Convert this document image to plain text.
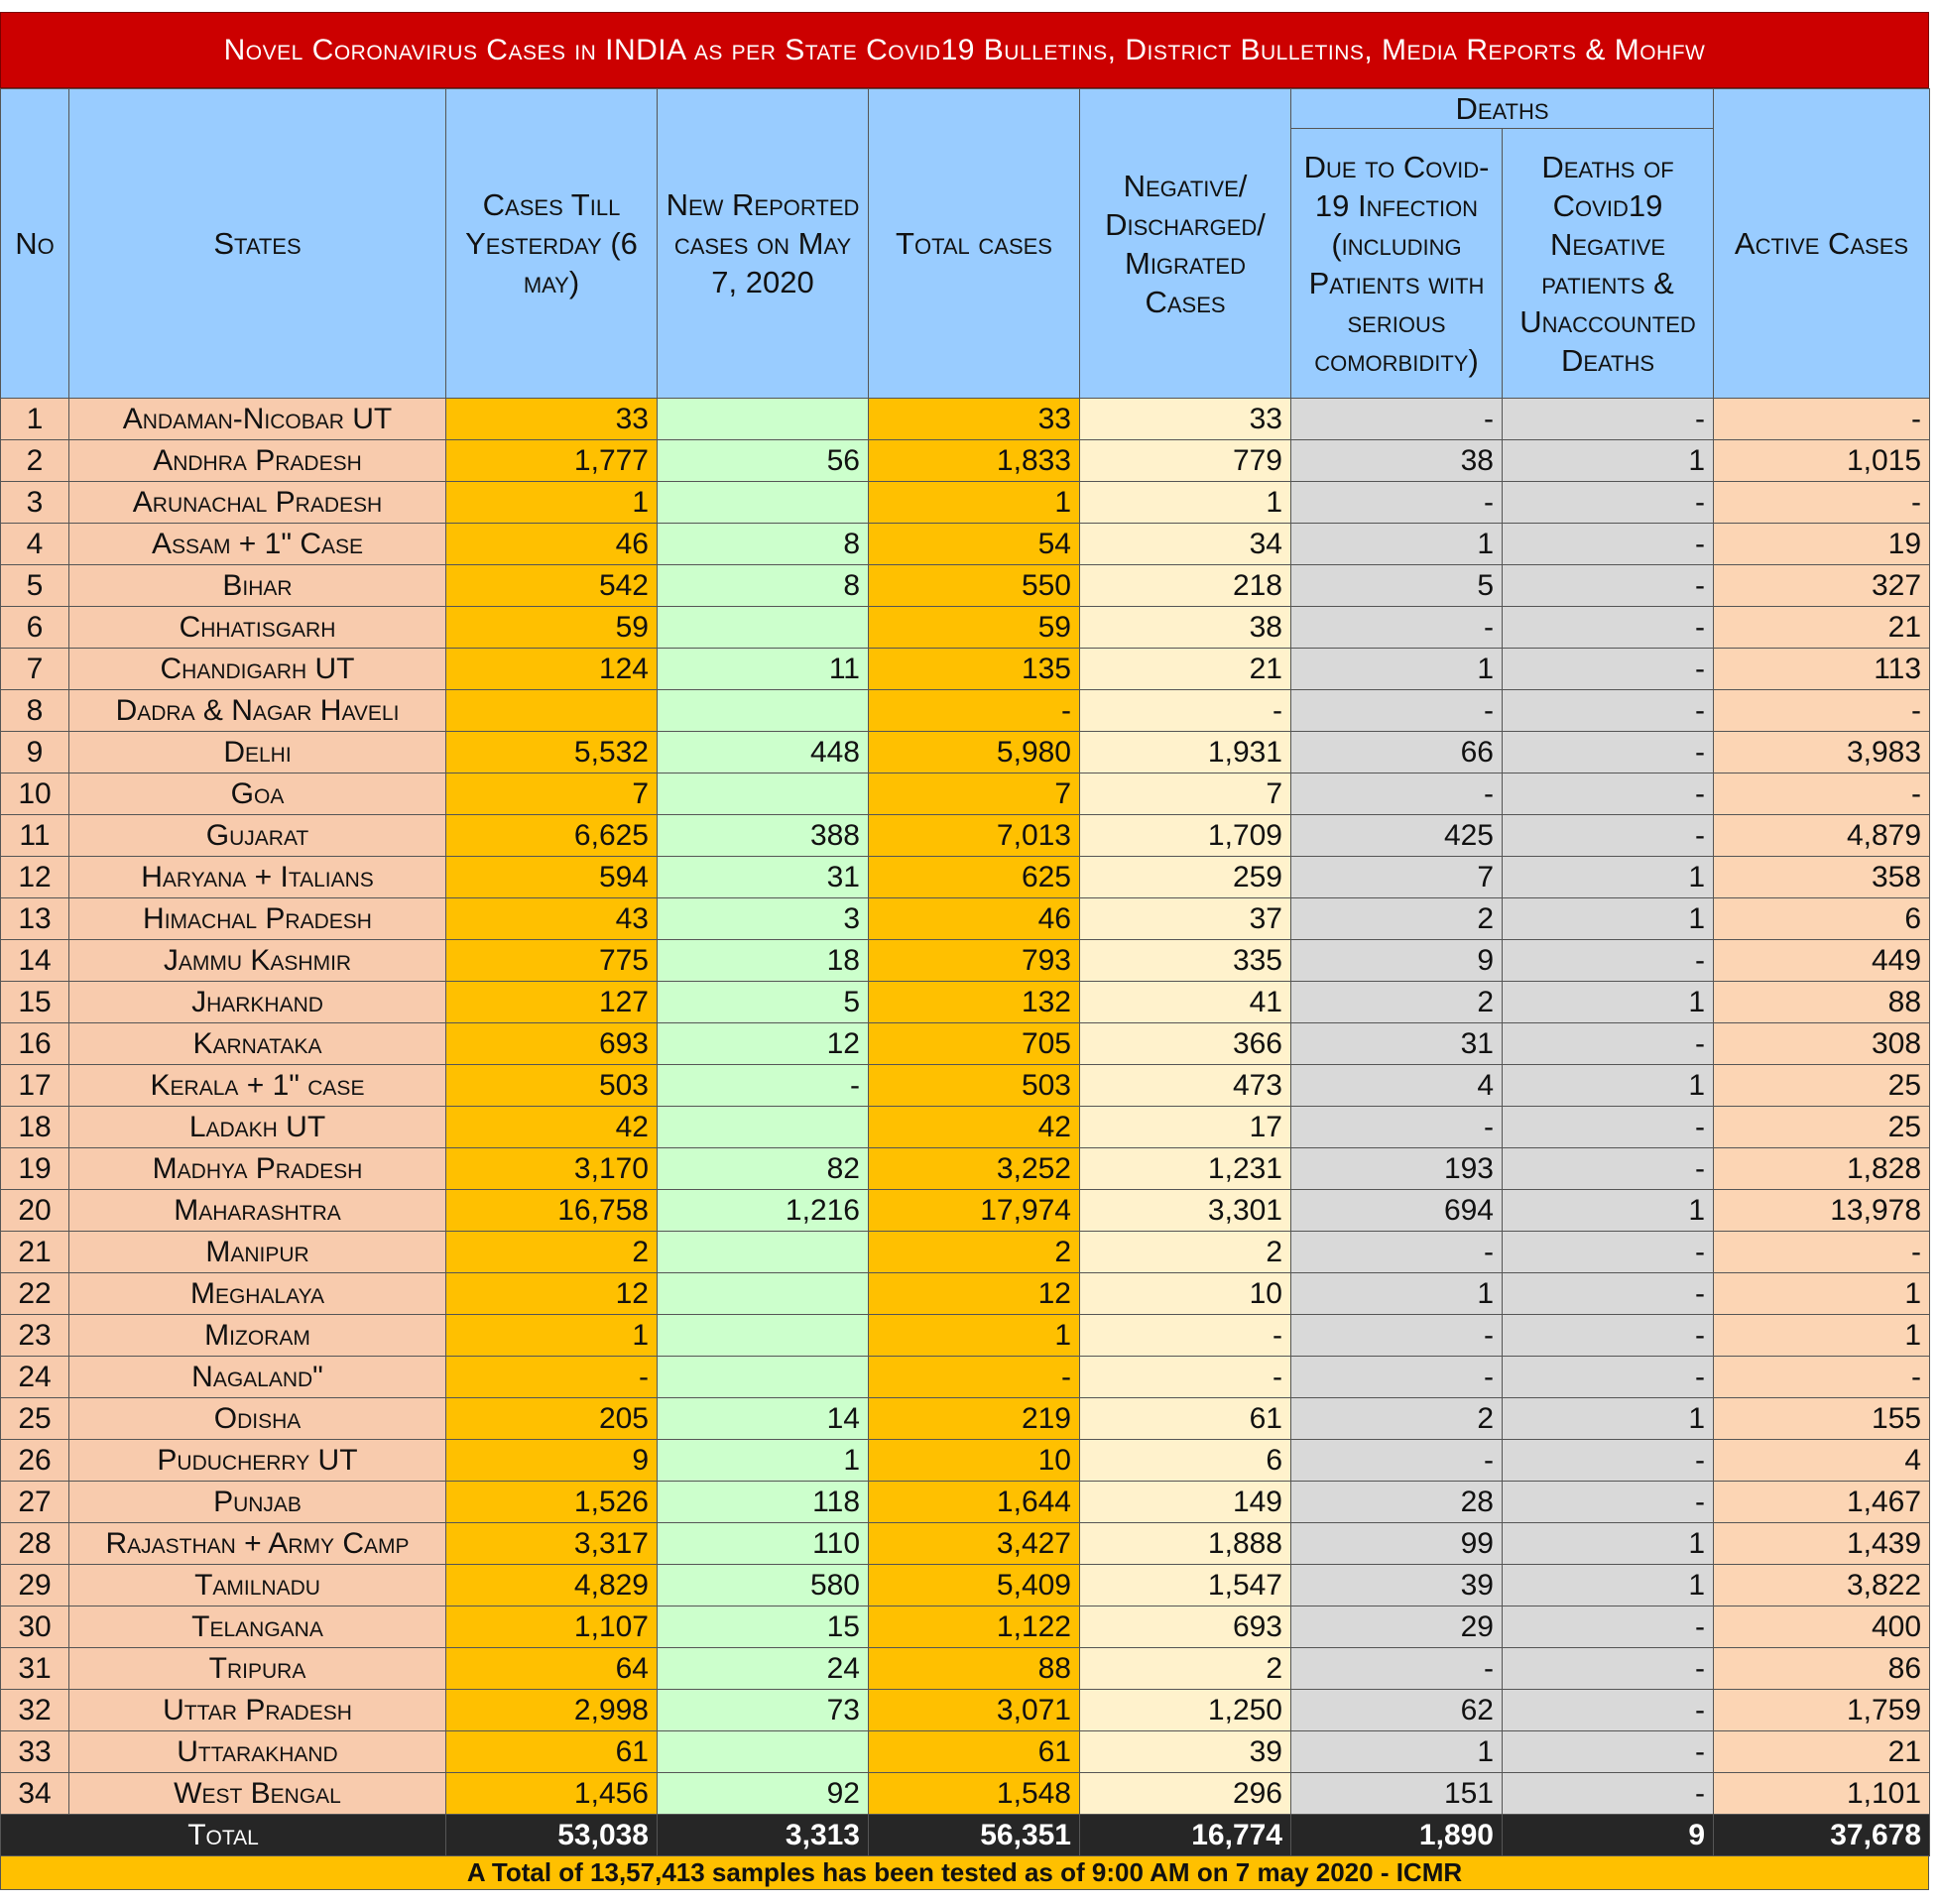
Novel Coronavirus Cases in INDIA as per State Covid19 Bulletins, District Bulletins, Media Reports & Mohfw
No	States	Cases Till Yesterday (6 may)	New Reported cases on May 7, 2020	Total cases	Negative/ Discharged/ Migrated Cases	Deaths		Active Cases
						Due to Covid-19 Infection (including Patients with serious comorbidity)	Deaths of Covid19 Negative patients & Unaccounted Deaths	
1	Andaman-Nicobar UT	33		33	33	-	-	-
2	Andhra Pradesh	1,777	56	1,833	779	38	1	1,015
3	Arunachal Pradesh	1		1	1	-	-	-
4	Assam + 1" Case	46	8	54	34	1	-	19
5	Bihar	542	8	550	218	5	-	327
6	Chhatisgarh	59		59	38	-	-	21
7	Chandigarh UT	124	11	135	21	1	-	113
8	Dadra & Nagar Haveli			-	-	-	-	-
9	Delhi	5,532	448	5,980	1,931	66	-	3,983
10	Goa	7		7	7	-	-	-
11	Gujarat	6,625	388	7,013	1,709	425	-	4,879
12	Haryana + Italians	594	31	625	259	7	1	358
13	Himachal Pradesh	43	3	46	37	2	1	6
14	Jammu Kashmir	775	18	793	335	9	-	449
15	Jharkhand	127	5	132	41	2	1	88
16	Karnataka	693	12	705	366	31	-	308
17	Kerala + 1" case	503	-	503	473	4	1	25
18	Ladakh UT	42		42	17	-	-	25
19	Madhya Pradesh	3,170	82	3,252	1,231	193	-	1,828
20	Maharashtra	16,758	1,216	17,974	3,301	694	1	13,978
21	Manipur	2		2	2	-	-	-
22	Meghalaya	12		12	10	1	-	1
23	Mizoram	1		1	-	-	-	1
24	Nagaland"	-		-	-	-	-	-
25	Odisha	205	14	219	61	2	1	155
26	Puducherry UT	9	1	10	6	-	-	4
27	Punjab	1,526	118	1,644	149	28	-	1,467
28	Rajasthan + Army Camp	3,317	110	3,427	1,888	99	1	1,439
29	Tamilnadu	4,829	580	5,409	1,547	39	1	3,822
30	Telangana	1,107	15	1,122	693	29	-	400
31	Tripura	64	24	88	2	-	-	86
32	Uttar Pradesh	2,998	73	3,071	1,250	62	-	1,759
33	Uttarakhand	61		61	39	1	-	21
34	West Bengal	1,456	92	1,548	296	151	-	1,101
Total		53,038	3,313	56,351	16,774	1,890	9	37,678
A Total of 13,57,413 samples has been tested as of 9:00 AM on 7 may 2020 - ICMR
